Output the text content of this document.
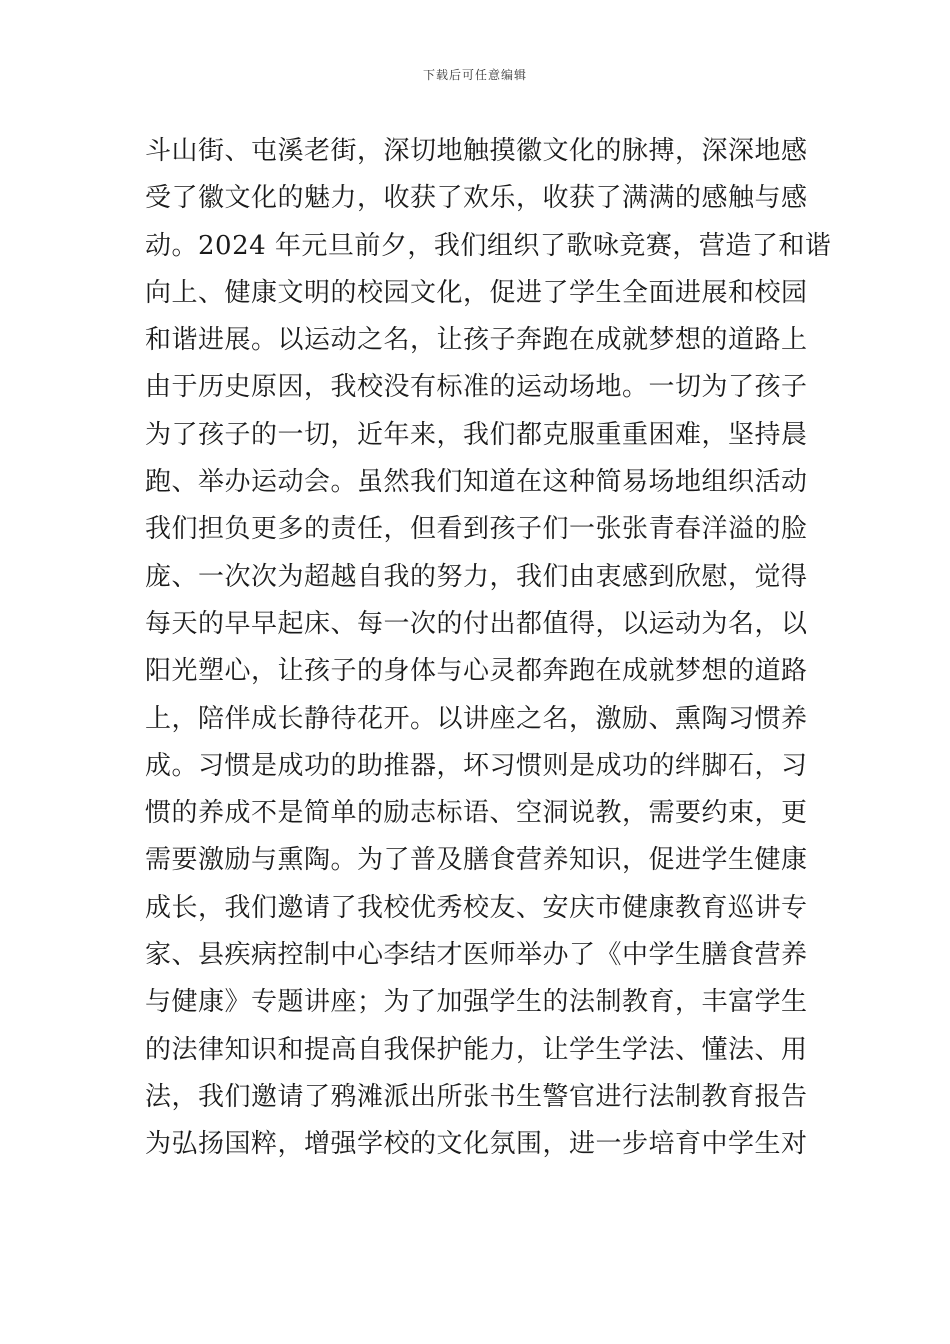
下载后可任意编辑
斗山街、屯溪老街，深切地触摸徽文化的脉搏，深深地感
受了徽文化的魅力，收获了欢乐，收获了满满的感触与感
动。2024 年元旦前夕，我们组织了歌咏竞赛，营造了和谐
向上、健康文明的校园文化，促进了学生全面进展和校园
和谐进展。以运动之名，让孩子奔跑在成就梦想的道路上
由于历史原因，我校没有标准的运动场地。一切为了孩子
为了孩子的一切，近年来，我们都克服重重困难，坚持晨
跑、举办运动会。虽然我们知道在这种简易场地组织活动
我们担负更多的责任，但看到孩子们一张张青春洋溢的脸
庞、一次次为超越自我的努力，我们由衷感到欣慰，觉得
每天的早早起床、每一次的付出都值得，以运动为名，以
阳光塑心，让孩子的身体与心灵都奔跑在成就梦想的道路
上，陪伴成长静待花开。以讲座之名，激励、熏陶习惯养
成。习惯是成功的助推器，坏习惯则是成功的绊脚石，习
惯的养成不是简单的励志标语、空洞说教，需要约束，更
需要激励与熏陶。为了普及膳食营养知识，促进学生健康
成长，我们邀请了我校优秀校友、安庆市健康教育巡讲专
家、县疾病控制中心李结才医师举办了《中学生膳食营养
与健康》专题讲座；为了加强学生的法制教育，丰富学生
的法律知识和提高自我保护能力，让学生学法、懂法、用
法，我们邀请了鸦滩派出所张书生警官进行法制教育报告
为弘扬国粹，增强学校的文化氛围，进一步培育中学生对
